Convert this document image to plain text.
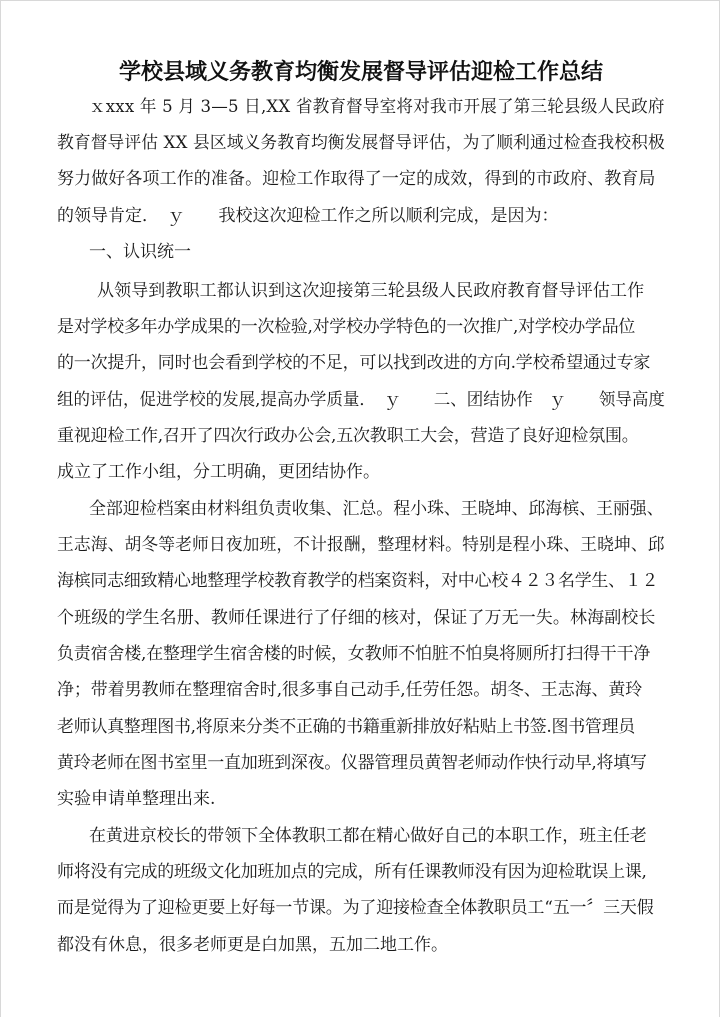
学校县域义务教育均衡发展督导评估迎检工作总结
ｘxxx 年 5 月 3—5 日,XX 省教育督导室将对我市开展了第三轮县级人民政府
教育督导评估 XX 县区域义务教育均衡发展督导评估，为了顺利通过检查我校积极
努力做好各项工作的准备。迎检工作取得了一定的成效，得到的市政府、教育局
的领导肯定．　ｙ　　我校这次迎检工作之所以顺利完成，是因为：
一、认识统一
从领导到教职工都认识到这次迎接第三轮县级人民政府教育督导评估工作
是对学校多年办学成果的一次检验,对学校办学特色的一次推广,对学校办学品位
的一次提升，同时也会看到学校的不足，可以找到改进的方向.学校希望通过专家
组的评估，促进学校的发展,提高办学质量．　ｙ　　二、团结协作　ｙ　　领导高度
重视迎检工作,召开了四次行政办公会,五次教职工大会，营造了良好迎检氛围。
成立了工作小组，分工明确，更团结协作。
全部迎检档案由材料组负责收集、汇总。程小珠、王晓坤、邱海槟、王丽强、
王志海、胡冬等老师日夜加班，不计报酬，整理材料。特别是程小珠、王晓坤、邱
海槟同志细致精心地整理学校教育教学的档案资料，对中心校４２３名学生、１２
个班级的学生名册、教师任课进行了仔细的核对，保证了万无一失。林海副校长
负责宿舍楼,在整理学生宿舍楼的时候，女教师不怕脏不怕臭将厕所打扫得干干净
净；带着男教师在整理宿舍时,很多事自己动手,任劳任怨。胡冬、王志海、黄玲
老师认真整理图书,将原来分类不正确的书籍重新排放好粘贴上书签.图书管理员
黄玲老师在图书室里一直加班到深夜。仪器管理员黄智老师动作快行动早,将填写
实验申请单整理出来.
在黄进京校长的带领下全体教职工都在精心做好自己的本职工作，班主任老
师将没有完成的班级文化加班加点的完成，所有任课教师没有因为迎检耽误上课,
而是觉得为了迎检更要上好每一节课。为了迎接检查全体教职员工“五一〞三天假
都没有休息，很多老师更是白加黑，五加二地工作。
